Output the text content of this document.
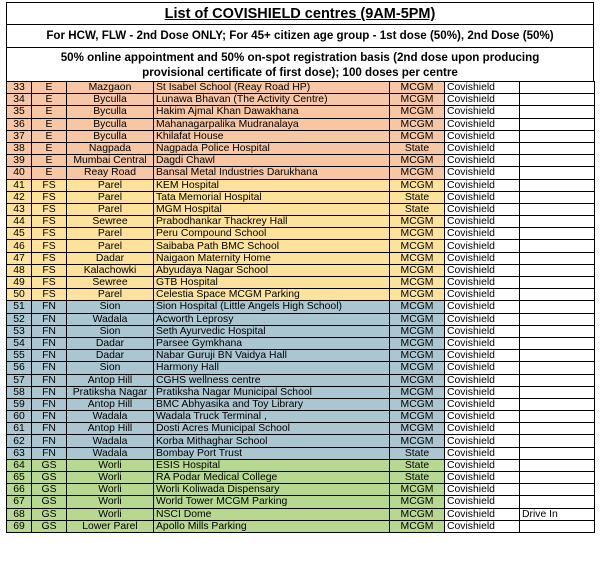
List of COVISHIELD centres (9AM-5PM)
For HCW, FLW - 2nd Dose ONLY; For 45+ citizen age group - 1st dose (50%), 2nd Dose (50%)
50% online appointment and 50% on-spot registration basis (2nd dose upon producing
provisional certificate of first dose); 100 doses per centre
33	E	Mazgaon	St Isabel School (Reay Road HP)	MCGM	Covishield	
34	E	Byculla	Lunawa Bhavan (The Activity Centre)	MCGM	Covishield	
35	E	Byculla	Hakim Ajmal Khan Dawakhana	MCGM	Covishield	
36	E	Byculla	Mahanagarpalika Mudranalaya	MCGM	Covishield	
37	E	Byculla	Khilafat House	MCGM	Covishield	
38	E	Nagpada	Nagpada Police Hospital	State	Covishield	
39	E	Mumbai Central	Dagdi Chawl	MCGM	Covishield	
40	E	Reay Road	Bansal Metal Industries Darukhana	MCGM	Covishield	
41	FS	Parel	KEM Hospital	MCGM	Covishield	
42	FS	Parel	Tata Memorial Hospital	State	Covishield	
43	FS	Parel	MGM Hospital	State	Covishield	
44	FS	Sewree	Prabodhankar Thackrey Hall	MCGM	Covishield	
45	FS	Parel	Peru Compound School	MCGM	Covishield	
46	FS	Parel	Saibaba Path BMC School	MCGM	Covishield	
47	FS	Dadar	Naigaon Maternity Home	MCGM	Covishield	
48	FS	Kalachowki	Abyudaya Nagar School	MCGM	Covishield	
49	FS	Sewree	GTB Hospital	MCGM	Covishield	
50	FS	Parel	Celestia Space MCGM Parking	MCGM	Covishield	
51	FN	Sion	Sion Hospital (Little Angels High School)	MCGM	Covishield	
52	FN	Wadala	Acworth Leprosy	MCGM	Covishield	
53	FN	Sion	Seth Ayurvedic Hospital	MCGM	Covishield	
54	FN	Dadar	Parsee Gymkhana	MCGM	Covishield	
55	FN	Dadar	Nabar Guruji BN Vaidya Hall	MCGM	Covishield	
56	FN	Sion	Harmony Hall	MCGM	Covishield	
57	FN	Antop Hill	CGHS wellness centre	MCGM	Covishield	
58	FN	Pratiksha Nagar	Pratiksha Nagar Municipal School	MCGM	Covishield	
59	FN	Antop Hill	BMC Abhyasika and Toy Library	MCGM	Covishield	
60	FN	Wadala	Wadala Truck Terminal ,	MCGM	Covishield	
61	FN	Antop Hill	Dosti Acres Municipal School	MCGM	Covishield	
62	FN	Wadala	Korba Mithaghar School	MCGM	Covishield	
63	FN	Wadala	Bombay Port Trust	State	Covishield	
64	GS	Worli	ESIS Hospital	State	Covishield	
65	GS	Worli	RA Podar Medical College	State	Covishield	
66	GS	Worli	Worli Koliwada Dispensary	MCGM	Covishield	
67	GS	Worli	World Tower MCGM Parking	MCGM	Covishield	
68	GS	Worli	NSCI Dome	MCGM	Covishield	Drive In
69	GS	Lower Parel	Apollo Mills Parking	MCGM	Covishield	
